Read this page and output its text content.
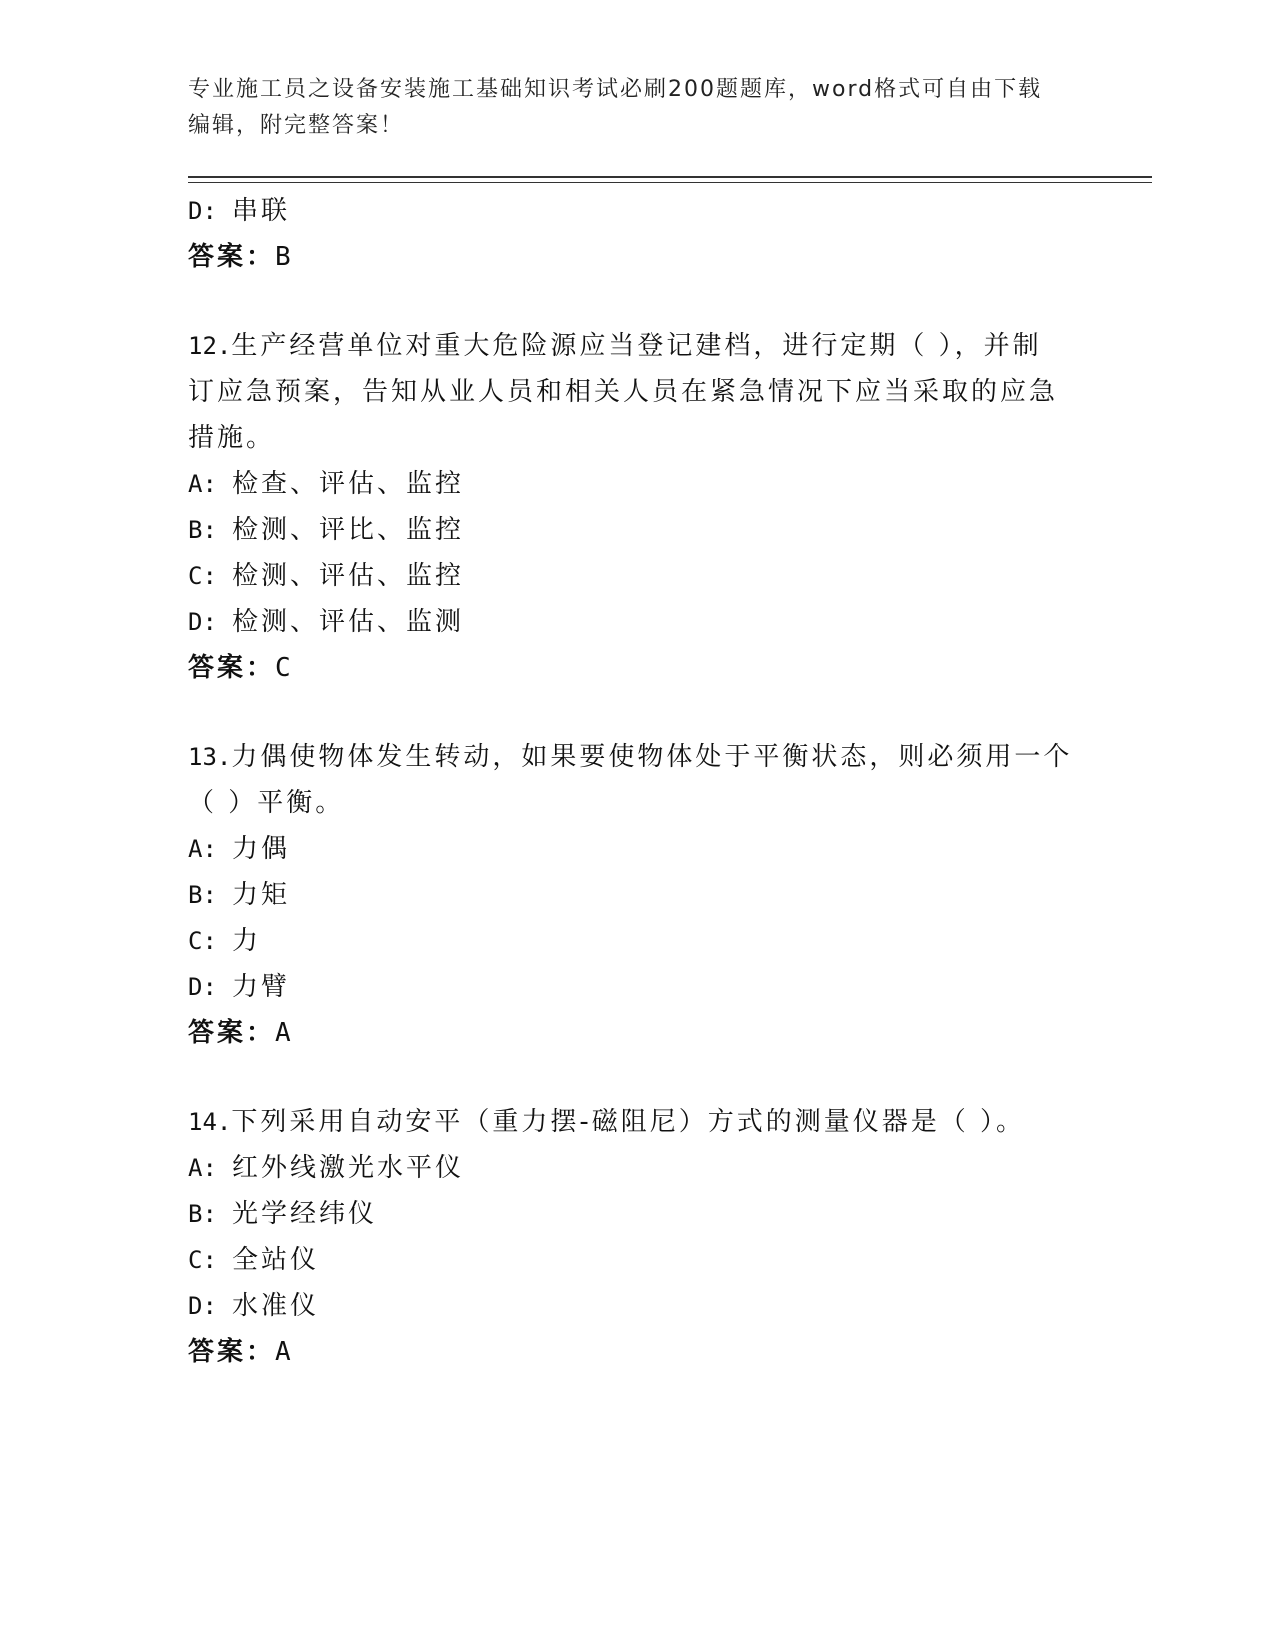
专业施工员之设备安装施工基础知识考试必刷200题题库，word格式可自由下载
编辑，附完整答案！
D: 串联
答案：B
12.生产经营单位对重大危险源应当登记建档，进行定期（ ），并制
订应急预案，告知从业人员和相关人员在紧急情况下应当采取的应急
措施。
A: 检查、评估、监控
B: 检测、评比、监控
C: 检测、评估、监控
D: 检测、评估、监测
答案：C
13.力偶使物体发生转动，如果要使物体处于平衡状态，则必须用一个
（ ）平衡。
A: 力偶
B: 力矩
C: 力
D: 力臂
答案：A
14.下列采用自动安平（重力摆-磁阻尼）方式的测量仪器是（ ）。
A: 红外线激光水平仪
B: 光学经纬仪
C: 全站仪
D: 水准仪
答案：A
